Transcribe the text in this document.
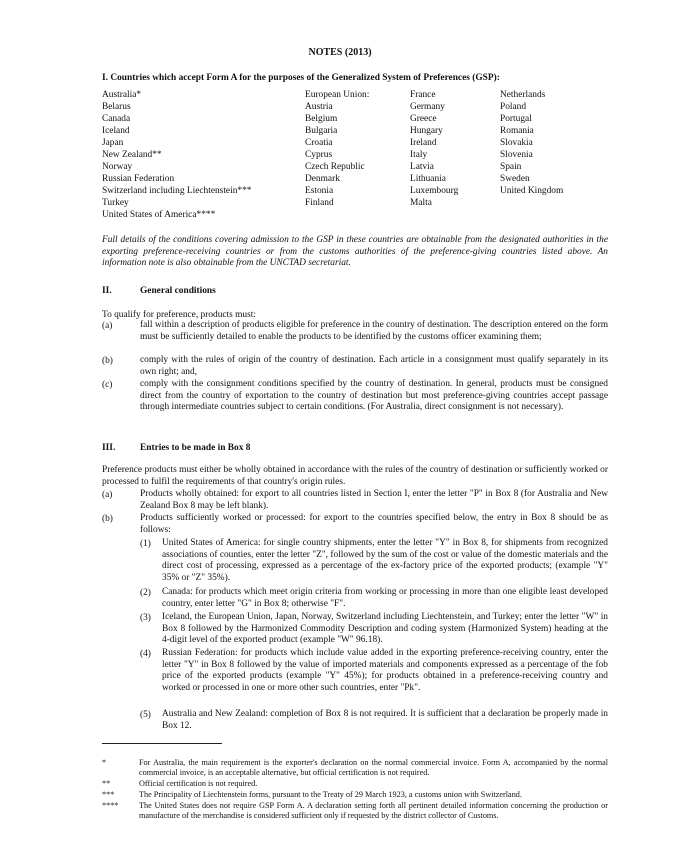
NOTES (2013)
I. Countries which accept Form A for the purposes of the Generalized System of Preferences (GSP):
Australia*
Belarus
Canada
Iceland
Japan
New Zealand**
Norway
Russian Federation
Switzerland including Liechtenstein***
Turkey
United States of America****
European Union:
Austria
Belgium
Bulgaria
Croatia
Cyprus
Czech Republic
Denmark
Estonia
Finland
France
Germany
Greece
Hungary
Ireland
Italy
Latvia
Lithuania
Luxembourg
Malta
Netherlands
Poland
Portugal
Romania
Slovakia
Slovenia
Spain
Sweden
United Kingdom
Full details of the conditions covering admission to the GSP in these countries are obtainable from the designated authorities in the exporting preference-receiving countries or from the customs authorities of the preference-giving countries listed above. An information note is also obtainable from the UNCTAD secretariat.
II.	General conditions
To qualify for preference, products must:
(a)	fall within a description of products eligible for preference in the country of destination. The description entered on the form must be sufficiently detailed to enable the products to be identified by the customs officer examining them;
(b)	comply with the rules of origin of the country of destination. Each article in a consignment must qualify separately in its own right; and,
(c)	comply with the consignment conditions specified by the country of destination. In general, products must be consigned direct from the country of exportation to the country of destination but most preference-giving countries accept passage through intermediate countries subject to certain conditions. (For Australia, direct consignment is not necessary).
III.	Entries to be made in Box 8
Preference products must either be wholly obtained in accordance with the rules of the country of destination or sufficiently worked or processed to fulfil the requirements of that country's origin rules.
(a)	Products wholly obtained: for export to all countries listed in Section I, enter the letter "P" in Box 8 (for Australia and New Zealand Box 8 may be left blank).
(b)	Products sufficiently worked or processed: for export to the countries specified below, the entry in Box 8 should be as follows:
(1) United States of America: for single country shipments, enter the letter "Y" in Box 8, for shipments from recognized associations of counties, enter the letter "Z", followed by the sum of the cost or value of the domestic materials and the direct cost of processing, expressed as a percentage of the ex-factory price of the exported products; (example "Y" 35% or "Z" 35%).
(2) Canada: for products which meet origin criteria from working or processing in more than one eligible least developed country, enter letter "G" in Box 8; otherwise "F".
(3) Iceland, the European Union, Japan, Norway, Switzerland including Liechtenstein, and Turkey; enter the letter "W" in Box 8 followed by the Harmonized Commodity Description and coding system (Harmonized System) heading at the 4-digit level of the exported product (example "W" 96.18).
(4) Russian Federation: for products which include value added in the exporting preference-receiving country, enter the letter "Y" in Box 8 followed by the value of imported materials and components expressed as a percentage of the fob price of the exported products (example "Y" 45%); for products obtained in a preference-receiving country and worked or processed in one or more other such countries, enter "Pk".
(5) Australia and New Zealand: completion of Box 8 is not required. It is sufficient that a declaration be properly made in Box 12.
*	For Australia, the main requirement is the exporter's declaration on the normal commercial invoice. Form A, accompanied by the normal commercial invoice, is an acceptable alternative, but official certification is not required.
**	Official certification is not required.
***	The Principality of Liechtenstein forms, pursuant to the Treaty of 29 March 1923, a customs union with Switzerland.
****	The United States does not require GSP Form A. A declaration setting forth all pertinent detailed information concerning the production or manufacture of the merchandise is considered sufficient only if requested by the district collector of Customs.
